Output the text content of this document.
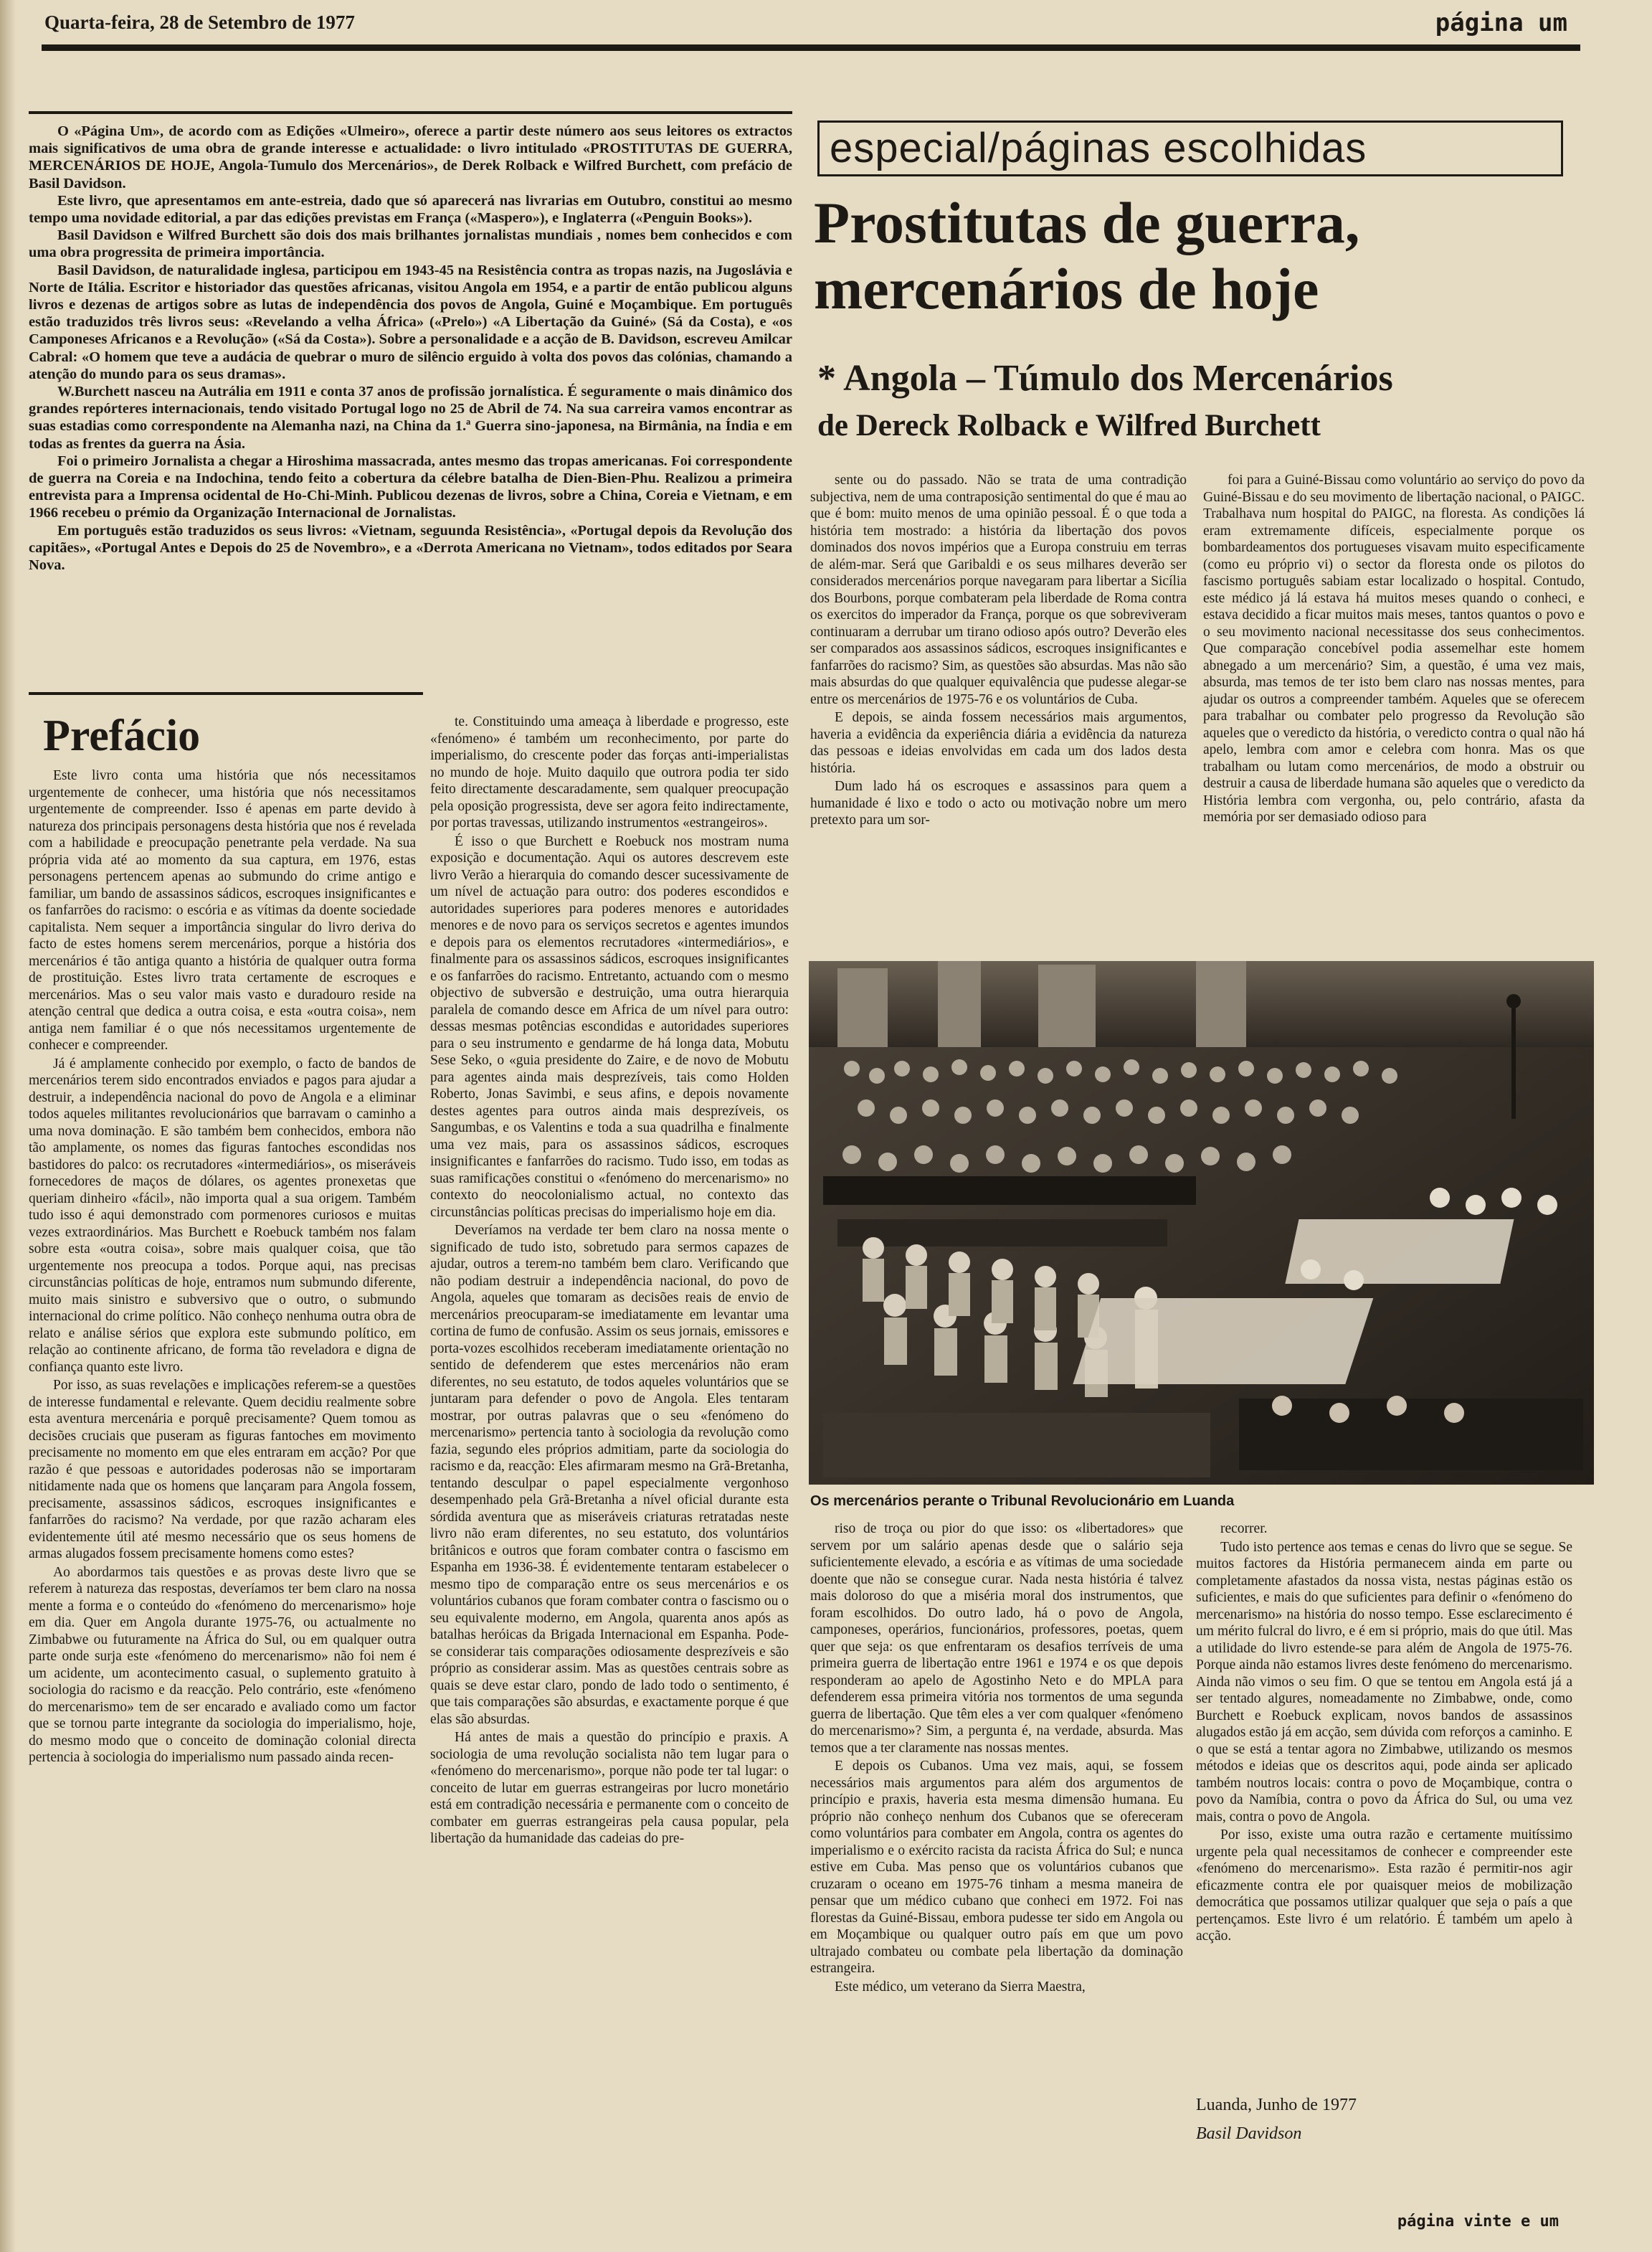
Quarta-feira, 28 de Setembro de 1977	página um

O «Página Um», de acordo com as Edições «Ulmeiro», oferece a partir deste número aos seus leitores os extractos mais significativos de uma obra de grande interesse e actualidade: o livro intitulado «PROSTITUTAS DE GUERRA, MERCENÁRIOS DE HOJE, Angola-Tumulo dos Mercenários», de Derek Rolback e Wilfred Burchett, com prefácio de Basil Davidson.

Este livro, que apresentamos em ante-estreia, dado que só aparecerá nas livrarias em Outubro, constitui ao mesmo tempo uma novidade editorial, a par das edições previstas em França («Maspero»), e Inglaterra («Penguin Books»).

Basil Davidson e Wilfred Burchett são dois dos mais brilhantes jornalistas mundiais , nomes bem conhecidos e com uma obra progressita de primeira importância.

Basil Davidson, de naturalidade inglesa, participou em 1943-45 na Resistência contra as tropas nazis, na Jugoslávia e Norte de Itália. Escritor e historiador das questões africanas, visitou Angola em 1954, e a partir de então publicou alguns livros e dezenas de artigos sobre as lutas de independência dos povos de Angola, Guiné e Moçambique. Em português estão traduzidos três livros seus: «Revelando a velha África» («Prelo») «A Libertação da Guiné» (Sá da Costa), e «os Camponeses Africanos e a Revolução» («Sá da Costa»). Sobre a personalidade e a acção de B. Davidson, escreveu Amilcar Cabral: «O homem que teve a audácia de quebrar o muro de silêncio erguido à volta dos povos das colónias, chamando a atenção do mundo para os seus dramas».

W.Burchett nasceu na Autrália em 1911 e conta 37 anos de profissão jornalística. É seguramente o mais dinâmico dos grandes repórteres internacionais, tendo visitado Portugal logo no 25 de Abril de 74. Na sua carreira vamos encontrar as suas estadias como correspondente na Alemanha nazi, na China da 1.ª Guerra sino-japonesa, na Birmânia, na Índia e em todas as frentes da guerra na Ásia.

Foi o primeiro Jornalista a chegar a Hiroshima massacrada, antes mesmo das tropas americanas. Foi correspondente de guerra na Coreia e na Indochina, tendo feito a cobertura da célebre batalha de Dien-Bien-Phu. Realizou a primeira entrevista para a Imprensa ocidental de Ho-Chi-Minh. Publicou dezenas de livros, sobre a China, Coreia e Vietnam, e em 1966 recebeu o prémio da Organização Internacional de Jornalistas.

Em português estão traduzidos os seus livros: «Vietnam, seguunda Resistência», «Portugal depois da Revolução dos capitães», «Portugal Antes e Depois do 25 de Novembro», e a «Derrota Americana no Vietnam», todos editados por Seara Nova.

especial/páginas escolhidas
Prostitutas de guerra, mercenários de hoje
* Angola – Túmulo dos Mercenários
de Dereck Rolback e Wilfred Burchett
Prefácio

Este livro conta uma história que nós necessitamos urgentemente de conhecer, uma história que nós necessitamos urgentemente de compreender. Isso é apenas em parte devido à natureza dos principais personagens desta história que nos é revelada com a habilidade e preocupação penetrante pela verdade. Na sua própria vida até ao momento da sua captura, em 1976, estas personagens pertencem apenas ao submundo do crime antigo e familiar, um bando de assassinos sádicos, escroques insignificantes e os fanfarrões do racismo: o escória e as vítimas da doente sociedade capitalista. Nem sequer a importância singular do livro deriva do facto de estes homens serem mercenários, porque a história dos mercenários é tão antiga quanto a história de qualquer outra forma de prostituição. Estes livro trata certamente de escroques e mercenários. Mas o seu valor mais vasto e duradouro reside na atenção central que dedica a outra coisa, e esta «outra coisa», nem antiga nem familiar é o que nós necessitamos urgentemente de conhecer e compreender.

Já é amplamente conhecido por exemplo, o facto de bandos de mercenários terem sido encontrados enviados e pagos para ajudar a destruir, a independência nacional do povo de Angola e a eliminar todos aqueles militantes revolucionários que barravam o caminho a uma nova dominação. E são também bem conhecidos, embora não tão amplamente, os nomes das figuras fantoches escondidas nos bastidores do palco: os recrutadores «intermediários», os miseráveis fornecedores de maços de dólares, os agentes pronexetas que queriam dinheiro «fácil», não importa qual a sua origem. Também tudo isso é aqui demonstrado com pormenores curiosos e muitas vezes extraordinários. Mas Burchett e Roebuck também nos falam sobre esta «outra coisa», sobre mais qualquer coisa, que tão urgentemente nos preocupa a todos. Porque aqui, nas precisas circunstâncias políticas de hoje, entramos num submundo diferente, muito mais sinistro e subversivo que o outro, o submundo internacional do crime político. Não conheço nenhuma outra obra de relato e análise sérios que explora este submundo político, em relação ao continente africano, de forma tão reveladora e digna de confiança quanto este livro.

Por isso, as suas revelações e implicações referem-se a questões de interesse fundamental e relevante. Quem decidiu realmente sobre esta aventura mercenária e porquê precisamente? Quem tomou as decisões cruciais que puseram as figuras fantoches em movimento precisamente no momento em que eles entraram em acção? Por que razão é que pessoas e autoridades poderosas não se importaram nitidamente nada que os homens que lançaram para Angola fossem, precisamente, assassinos sádicos, escroques insignificantes e fanfarrões do racismo? Na verdade, por que razão acharam eles evidentemente útil até mesmo necessário que os seus homens de armas alugados fossem precisamente homens como estes?

Ao abordarmos tais questões e as provas deste livro que se referem à natureza das respostas, deveríamos ter bem claro na nossa mente a forma e o conteúdo do «fenómeno do mercenarismo» hoje em dia. Quer em Angola durante 1975-76, ou actualmente no Zimbabwe ou futuramente na África do Sul, ou em qualquer outra parte onde surja este «fenómeno do mercenarismo» não foi nem é um acidente, um acontecimento casual, o suplemento gratuito à sociologia do racismo e da reacção. Pelo contrário, este «fenómeno do mercenarismo» tem de ser encarado e avaliado como um factor que se tornou parte integrante da sociologia do imperialismo, hoje, do mesmo modo que o conceito de dominação colonial directa pertencia à sociologia do imperialismo num passado ainda recen-

te. Constituindo uma ameaça à liberdade e progresso, este «fenómeno» é também um reconhecimento, por parte do imperialismo, do crescente poder das forças anti-imperialistas no mundo de hoje. Muito daquilo que outrora podia ter sido feito directamente descaradamente, sem qualquer preocupação pela oposição progressista, deve ser agora feito indirectamente, por portas travessas, utilizando instrumentos «estrangeiros».

É isso o que Burchett e Roebuck nos mostram numa exposição e documentação. Aqui os autores descrevem este livro Verão a hierarquia do comando descer sucessivamente de um nível de actuação para outro: dos poderes escondidos e autoridades superiores para poderes menores e autoridades menores e de novo para os serviços secretos e agentes imundos e depois para os elementos recrutadores «intermediários», e finalmente para os assassinos sádicos, escroques insignificantes e os fanfarrões do racismo. Entretanto, actuando com o mesmo objectivo de subversão e destruição, uma outra hierarquia paralela de comando desce em Africa de um nível para outro: dessas mesmas potências escondidas e autoridades superiores para o seu instrumento e gendarme de há longa data, Mobutu Sese Seko, o «guia presidente do Zaire, e de novo de Mobutu para agentes ainda mais desprezíveis, tais como Holden Roberto, Jonas Savimbi, e seus afins, e depois novamente destes agentes para outros ainda mais desprezíveis, os Sangumbas, e os Valentins e toda a sua quadrilha e finalmente uma vez mais, para os assassinos sádicos, escroques insignificantes e fanfarrões do racismo. Tudo isso, em todas as suas ramificações constitui o «fenómeno do mercenarismo» no contexto do neocolonialismo actual, no contexto das circunstâncias políticas precisas do imperialismo hoje em dia.

Deveríamos na verdade ter bem claro na nossa mente o significado de tudo isto, sobretudo para sermos capazes de ajudar, outros a terem-no também bem claro. Verificando que não podiam destruir a independência nacional, do povo de Angola, aqueles que tomaram as decisões reais de envio de mercenários preocuparam-se imediatamente em levantar uma cortina de fumo de confusão. Assim os seus jornais, emissores e porta-vozes escolhidos receberam imediatamente orientação no sentido de defenderem que estes mercenários não eram diferentes, no seu estatuto, de todos aqueles voluntários que se juntaram para defender o povo de Angola. Eles tentaram mostrar, por outras palavras que o seu «fenómeno do mercenarismo» pertencia tanto à sociologia da revolução como fazia, segundo eles próprios admitiam, parte da sociologia do racismo e da, reacção: Eles afirmaram mesmo na Grã-Bretanha, tentando desculpar o papel especialmente vergonhoso desempenhado pela Grã-Bretanha a nível oficial durante esta sórdida aventura que as miseráveis criaturas retratadas neste livro não eram diferentes, no seu estatuto, dos voluntários britânicos e outros que foram combater contra o fascismo em Espanha em 1936-38. É evidentemente tentaram estabelecer o mesmo tipo de comparação entre os seus mercenários e os voluntários cubanos que foram combater contra o fascismo ou o seu equivalente moderno, em Angola, quarenta anos após as batalhas heróicas da Brigada Internacional em Espanha. Pode-se considerar tais comparações odiosamente desprezíveis e são próprio as considerar assim. Mas as questões centrais sobre as quais se deve estar claro, pondo de lado todo o sentimento, é que tais comparações são absurdas, e exactamente porque é que elas são absurdas.

Há antes de mais a questão do princípio e praxis. A sociologia de uma revolução socialista não tem lugar para o «fenómeno do mercenarismo», porque não pode ter tal lugar: o conceito de lutar em guerras estrangeiras por lucro monetário está em contradição necessária e permanente com o conceito de combater em guerras estrangeiras pela causa popular, pela libertação da humanidade das cadeias do pre-

sente ou do passado. Não se trata de uma contradição subjectiva, nem de uma contraposição sentimental do que é mau ao que é bom: muito menos de uma opinião pessoal. É o que toda a história tem mostrado: a história da libertação dos povos dominados dos novos impérios que a Europa construiu em terras de além-mar. Será que Garibaldi e os seus milhares deverão ser considerados mercenários porque navegaram para libertar a Sicília dos Bourbons, porque combateram pela liberdade de Roma contra os exercitos do imperador da França, porque os que sobreviveram continuaram a derrubar um tirano odioso após outro? Deverão eles ser comparados aos assassinos sádicos, escroques insignificantes e fanfarrões do racismo? Sim, as questões são absurdas. Mas não são mais absurdas do que qualquer equivalência que pudesse alegar-se entre os mercenários de 1975-76 e os voluntários de Cuba.

E depois, se ainda fossem necessários mais argumentos, haveria a evidência da experiência diária a evidência da natureza das pessoas e ideias envolvidas em cada um dos lados desta história.

Dum lado há os escroques e assassinos para quem a humanidade é lixo e todo o acto ou motivação nobre um mero pretexto para um sor-

foi para a Guiné-Bissau como voluntário ao serviço do povo da Guiné-Bissau e do seu movimento de libertação nacional, o PAIGC. Trabalhava num hospital do PAIGC, na floresta. As condições lá eram extremamente difíceis, especialmente porque os bombardeamentos dos portugueses visavam muito especificamente (como eu próprio vi) o sector da floresta onde os pilotos do fascismo português sabiam estar localizado o hospital. Contudo, este médico já lá estava há muitos meses quando o conheci, e estava decidido a ficar muitos mais meses, tantos quantos o povo e o seu movimento nacional necessitasse dos seus conhecimentos. Que comparação concebível podia assemelhar este homem abnegado a um mercenário? Sim, a questão, é uma vez mais, absurda, mas temos de ter isto bem claro nas nossas mentes, para ajudar os outros a compreender também. Aqueles que se oferecem para trabalhar ou combater pelo progresso da Revolução são aqueles que o veredicto da história, o veredicto contra o qual não há apelo, lembra com amor e celebra com honra. Mas os que trabalham ou lutam como mercenários, de modo a obstruir ou destruir a causa de liberdade humana são aqueles que o veredicto da História lembra com vergonha, ou, pelo contrário, afasta da memória por ser demasiado odioso para

Os mercenários perante o Tribunal Revolucionário em Luanda

riso de troça ou pior do que isso: os «libertadores» que servem por um salário apenas desde que o salário seja suficientemente elevado, a escória e as vítimas de uma sociedade doente que não se consegue curar. Nada nesta história é talvez mais doloroso do que a miséria moral dos instrumentos, que foram escolhidos. Do outro lado, há o povo de Angola, camponeses, operários, funcionários, professores, poetas, quem quer que seja: os que enfrentaram os desafios terríveis de uma primeira guerra de libertação entre 1961 e 1974 e os que depois responderam ao apelo de Agostinho Neto e do MPLA para defenderem essa primeira vitória nos tormentos de uma segunda guerra de libertação. Que têm eles a ver com qualquer «fenómeno do mercenarismo»? Sim, a pergunta é, na verdade, absurda. Mas temos que a ter claramente nas nossas mentes.

E depois os Cubanos. Uma vez mais, aqui, se fossem necessários mais argumentos para além dos argumentos de princípio e praxis, haveria esta mesma dimensão humana. Eu próprio não conheço nenhum dos Cubanos que se ofereceram como voluntários para combater em Angola, contra os agentes do imperialismo e o exército racista da racista África do Sul; e nunca estive em Cuba. Mas penso que os voluntários cubanos que cruzaram o oceano em 1975-76 tinham a mesma maneira de pensar que um médico cubano que conheci em 1972. Foi nas florestas da Guiné-Bissau, embora pudesse ter sido em Angola ou em Moçambique ou qualquer outro país em que um povo ultrajado combateu ou combate pela libertação da dominação estrangeira.

Este médico, um veterano da Sierra Maestra,

recorrer.

Tudo isto pertence aos temas e cenas do livro que se segue. Se muitos factores da História permanecem ainda em parte ou completamente afastados da nossa vista, nestas páginas estão os suficientes, e mais do que suficientes para definir o «fenómeno do mercenarismo» na história do nosso tempo. Esse esclarecimento é um mérito fulcral do livro, e é em si próprio, mais do que útil. Mas a utilidade do livro estende-se para além de Angola de 1975-76. Porque ainda não estamos livres deste fenómeno do mercenarismo. Ainda não vimos o seu fim. O que se tentou em Angola está já a ser tentado algures, nomeadamente no Zimbabwe, onde, como Burchett e Roebuck explicam, novos bandos de assassinos alugados estão já em acção, sem dúvida com reforços a caminho. E o que se está a tentar agora no Zimbabwe, utilizando os mesmos métodos e ideias que os descritos aqui, pode ainda ser aplicado também noutros locais: contra o povo de Moçambique, contra o povo da Namíbia, contra o povo da África do Sul, ou uma vez mais, contra o povo de Angola.

Por isso, existe uma outra razão e certamente muitíssimo urgente pela qual necessitamos de conhecer e compreender este «fenómeno do mercenarismo». Esta razão é permitir-nos agir eficazmente contra ele por quaisquer meios de mobilização democrática que possamos utilizar qualquer que seja o país a que pertençamos. Este livro é um relatório. É também um apelo à acção.

Luanda, Junho de 1977
Basil Davidson
página vinte e um
